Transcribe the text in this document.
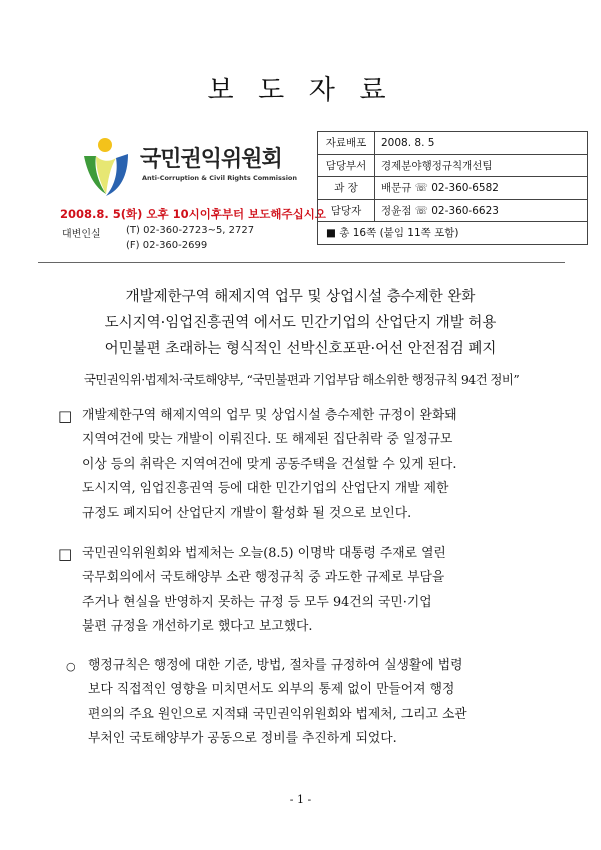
보 도 자 료
국민권익위원회
Anti-Corruption & Civil Rights Commission
2008.8. 5(화) 오후 10시이후부터 보도해주십시오
대변인실	(T) 02-360-2723~5, 2727
(F) 02-360-2699
자료배포	2008. 8. 5
담당부서	경제분야행정규칙개선팀
과 장	배문규 ☏ 02-360-6582
담당자	정윤점 ☏ 02-360-6623
■ 총 16쪽 (붙임 11쪽 포함)	
개발제한구역 해제지역 업무 및 상업시설 층수제한 완화
도시지역·임업진흥권역 에서도 민간기업의 산업단지 개발 허용
어민불편 초래하는 형식적인 선박신호포판·어선 안전점검 폐지
국민권익위·법제처·국토해양부, “국민불편과 기업부담 해소위한 행정규칙 94건 정비”
□ 개발제한구역 해제지역의 업무 및 상업시설 층수제한 규정이 완화돼
지역여건에 맞는 개발이 이뤄진다. 또 해제된 집단취락 중 일정규모
이상 등의 취락은 지역여건에 맞게 공동주택을 건설할 수 있게 된다.
도시지역, 임업진흥권역 등에 대한 민간기업의 산업단지 개발 제한
규정도 폐지되어 산업단지 개발이 활성화 될 것으로 보인다.
□ 국민권익위원회와 법제처는 오늘(8.5) 이명박 대통령 주재로 열린
국무회의에서 국토해양부 소관 행정규칙 중 과도한 규제로 부담을
주거나 현실을 반영하지 못하는 규정 등 모두 94건의 국민·기업
불편 규정을 개선하기로 했다고 보고했다.
○ 행정규칙은 행정에 대한 기준, 방법, 절차를 규정하여 실생활에 법령
보다 직접적인 영향을 미치면서도 외부의 통제 없이 만들어져 행정
편의의 주요 원인으로 지적돼 국민권익위원회와 법제처, 그리고 소관
부처인 국토해양부가 공동으로 정비를 추진하게 되었다.
- 1 -
